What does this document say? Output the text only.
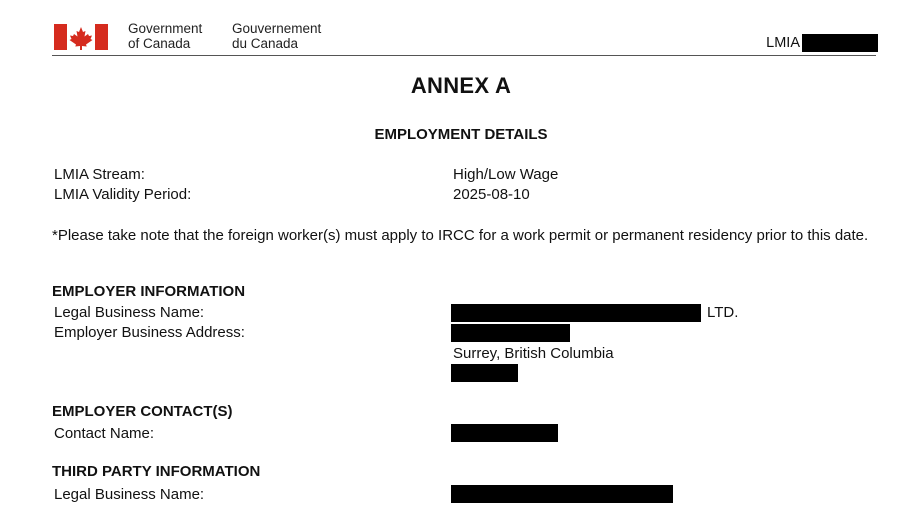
Government
of Canada
Gouvernement
du Canada	LMIA
ANNEX A
EMPLOYMENT DETAILS
LMIA Stream:	High/Low Wage
LMIA Validity Period:	2025-08-10
*Please take note that the foreign worker(s) must apply to IRCC for a work permit or permanent residency prior to this date.
EMPLOYER INFORMATION
Legal Business Name:	LTD.
Employer Business Address:
Surrey, British Columbia
EMPLOYER CONTACT(S)
Contact Name:
THIRD PARTY INFORMATION
Legal Business Name:
